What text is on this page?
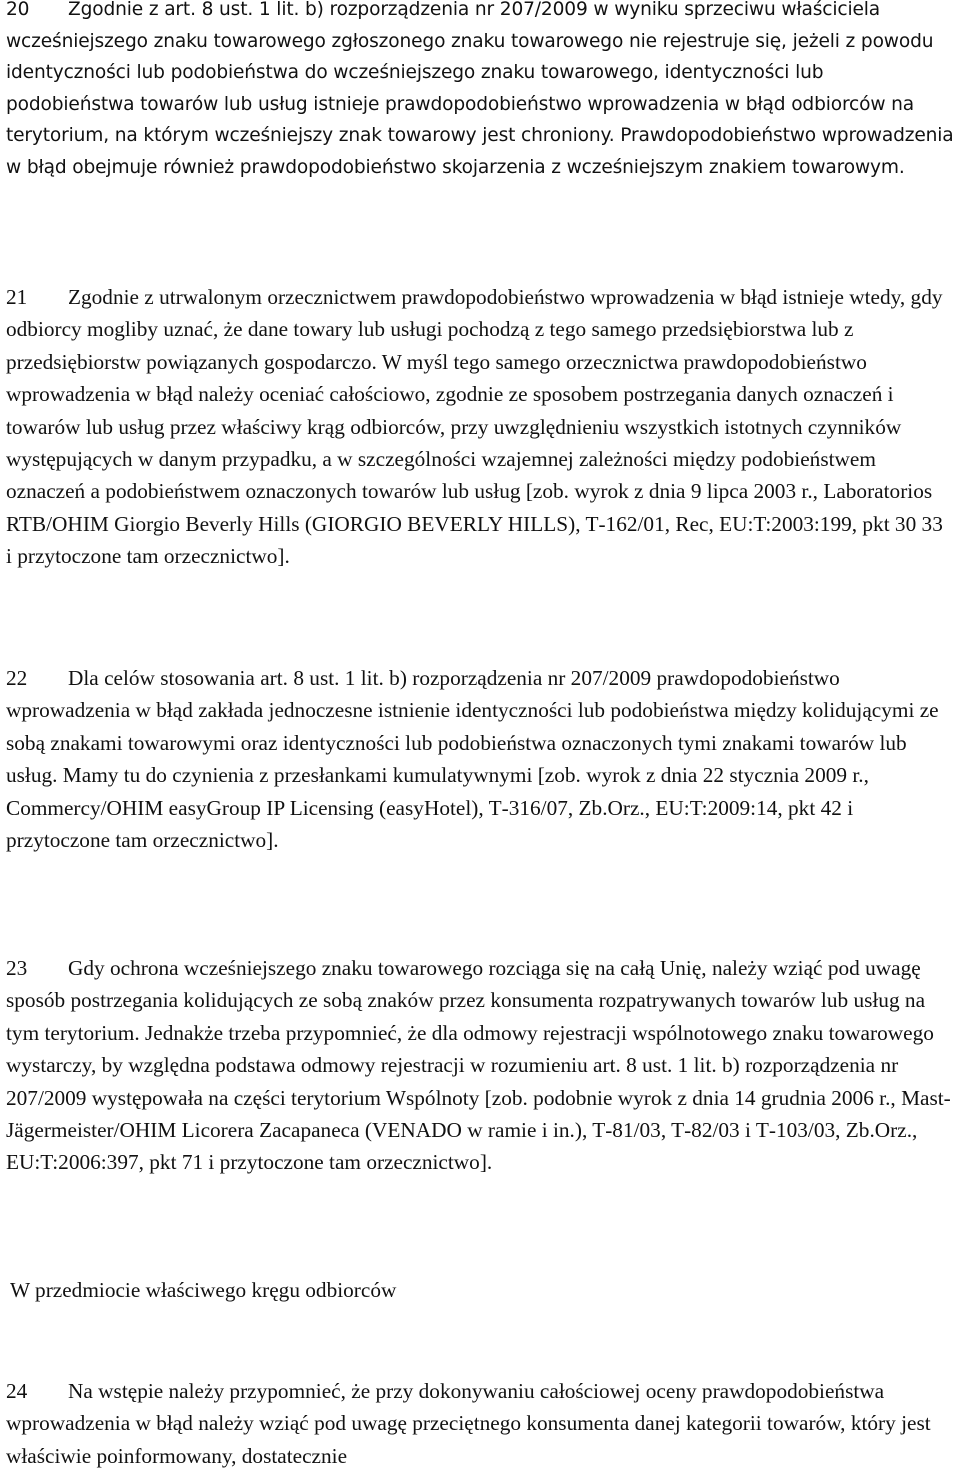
20 Zgodnie z art. 8 ust. 1 lit. b) rozporządzenia nr 207/2009 w wyniku sprzeciwu właściciela wcześniejszego znaku towarowego zgłoszonego znaku towarowego nie rejestruje się, jeżeli z powodu identyczności lub podobieństwa do wcześniejszego znaku towarowego, identyczności lub podobieństwa towarów lub usług istnieje prawdopodobieństwo wprowadzenia w błąd odbiorców na terytorium, na którym wcześniejszy znak towarowy jest chroniony. Prawdopodobieństwo wprowadzenia w błąd obejmuje również prawdopodobieństwo skojarzenia z wcześniejszym znakiem towarowym.

21 Zgodnie z utrwalonym orzecznictwem prawdopodobieństwo wprowadzenia w błąd istnieje wtedy, gdy odbiorcy mogliby uznać, że dane towary lub usługi pochodzą z tego samego przedsiębiorstwa lub z przedsiębiorstw powiązanych gospodarczo. W myśl tego samego orzecznictwa prawdopodobieństwo wprowadzenia w błąd należy oceniać całościowo, zgodnie ze sposobem postrzegania danych oznaczeń i towarów lub usług przez właściwy krąg odbiorców, przy uwzględnieniu wszystkich istotnych czynników występujących w danym przypadku, a w szczególności wzajemnej zależności między podobieństwem oznaczeń a podobieństwem oznaczonych towarów lub usług [zob. wyrok z dnia 9 lipca 2003 r., Laboratorios RTB/OHIM Giorgio Beverly Hills (GIORGIO BEVERLY HILLS), T‑162/01, Rec, EU:T:2003:199, pkt 30 33 i przytoczone tam orzecznictwo].

22 Dla celów stosowania art. 8 ust. 1 lit. b) rozporządzenia nr 207/2009 prawdopodobieństwo wprowadzenia w błąd zakłada jednoczesne istnienie identyczności lub podobieństwa między kolidującymi ze sobą znakami towarowymi oraz identyczności lub podobieństwa oznaczonych tymi znakami towarów lub usług. Mamy tu do czynienia z przesłankami kumulatywnymi [zob. wyrok z dnia 22 stycznia 2009 r., Commercy/OHIM easyGroup IP Licensing (easyHotel), T‑316/07, Zb.Orz., EU:T:2009:14, pkt 42 i przytoczone tam orzecznictwo].

23 Gdy ochrona wcześniejszego znaku towarowego rozciąga się na całą Unię, należy wziąć pod uwagę sposób postrzegania kolidujących ze sobą znaków przez konsumenta rozpatrywanych towarów lub usług na tym terytorium. Jednakże trzeba przypomnieć, że dla odmowy rejestracji wspólnotowego znaku towarowego wystarczy, by względna podstawa odmowy rejestracji w rozumieniu art. 8 ust. 1 lit. b) rozporządzenia nr 207/2009 występowała na części terytorium Wspólnoty [zob. podobnie wyrok z dnia 14 grudnia 2006 r., Mast-Jägermeister/OHIM Licorera Zacapaneca (VENADO w ramie i in.), T‑81/03, T‑82/03 i T‑103/03, Zb.Orz., EU:T:2006:397, pkt 71 i przytoczone tam orzecznictwo].

W przedmiocie właściwego kręgu odbiorców

24 Na wstępie należy przypomnieć, że przy dokonywaniu całościowej oceny prawdopodobieństwa wprowadzenia w błąd należy wziąć pod uwagę przeciętnego konsumenta danej kategorii towarów, który jest właściwie poinformowany, dostatecznie
